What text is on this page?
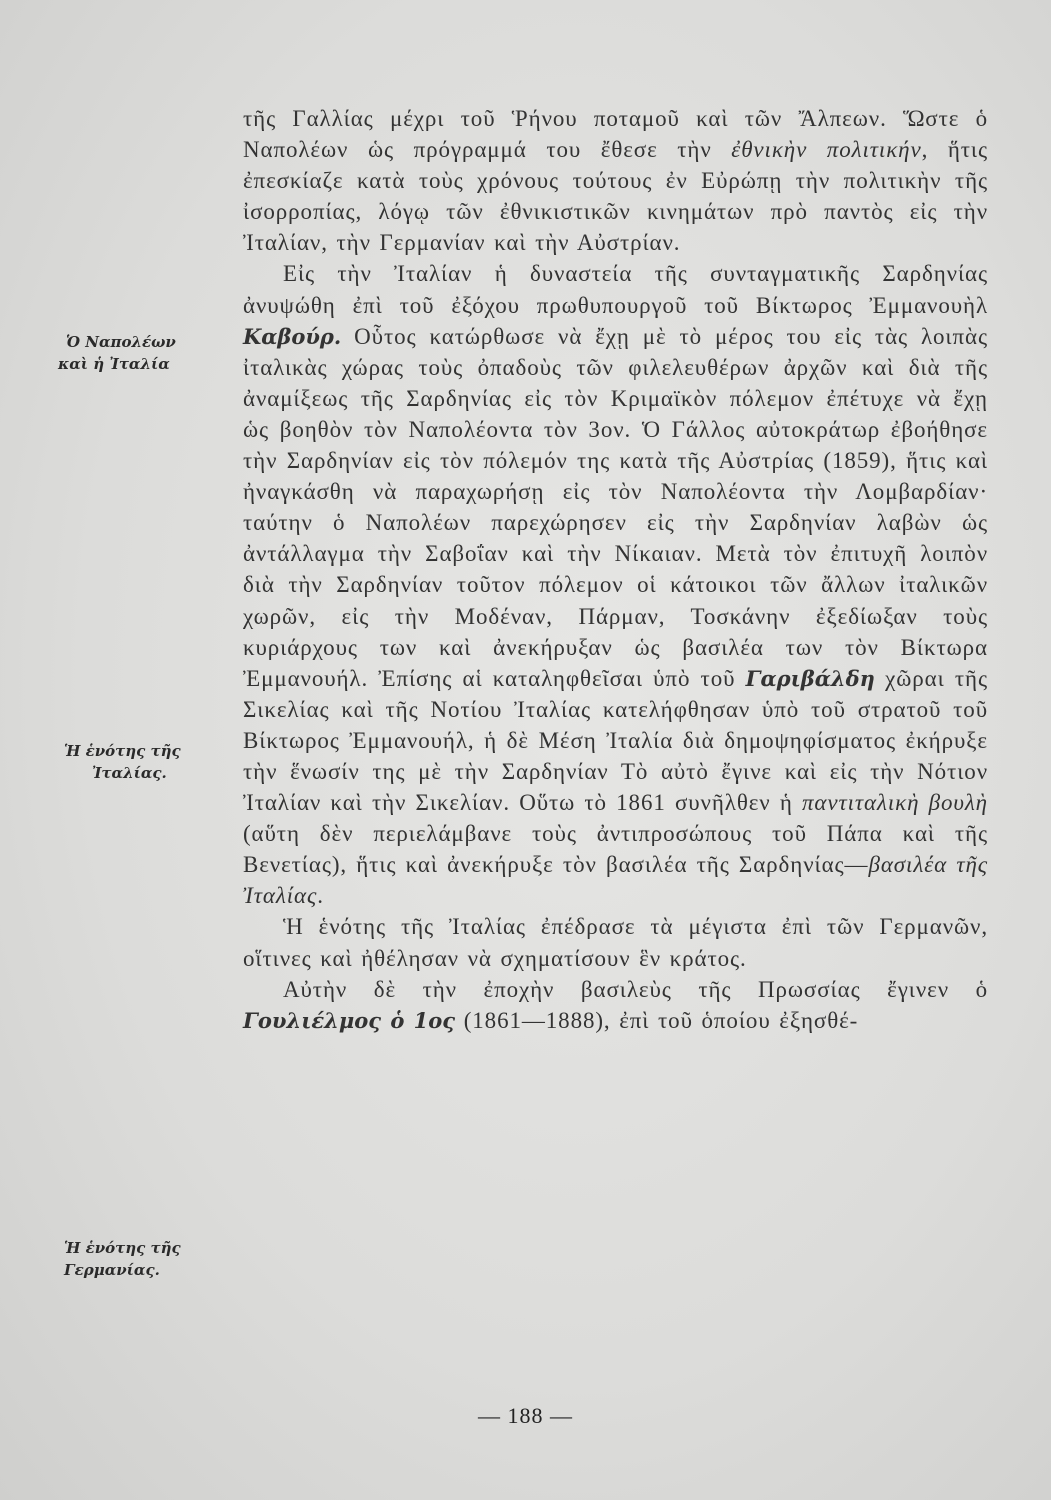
Ὁ Ναπολέων
καὶ ἡ Ἰταλία
Ἡ ἑνότης τῆς
Ἰταλίας.
Ἡ ἑνότης τῆς
Γερμανίας.

τῆς Γαλλίας μέχρι τοῦ Ῥήνου ποταμοῦ καὶ τῶν Ἄλπεων. Ὥστε ὁ Ναπολέων ὡς πρόγραμμά του ἔθεσε τὴν ἐθνικὴν πολιτικήν, ἥτις ἐπεσκίαζε κατὰ τοὺς χρόνους τούτους ἐν Εὐρώπῃ τὴν πολιτικὴν τῆς ἰσορροπίας, λόγῳ τῶν ἐθνικιστικῶν κινημάτων πρὸ παντὸς εἰς τὴν Ἰταλίαν, τὴν Γερμανίαν καὶ τὴν Αὐστρίαν.

Εἰς τὴν Ἰταλίαν ἡ δυναστεία τῆς συνταγματικῆς Σαρδηνίας ἀνυψώθη ἐπὶ τοῦ ἐξόχου πρωθυπουργοῦ τοῦ Βίκτωρος Ἐμμανουὴλ Καβούρ. Οὗτος κατώρθωσε νὰ ἔχῃ μὲ τὸ μέρος του εἰς τὰς λοιπὰς ἰταλικὰς χώρας τοὺς ὀπαδοὺς τῶν φιλελευθέρων ἀρχῶν καὶ διὰ τῆς ἀναμίξεως τῆς Σαρδηνίας εἰς τὸν Κριμαϊκὸν πόλεμον ἐπέτυχε νὰ ἔχῃ ὡς βοηθὸν τὸν Ναπολέοντα τὸν 3ον. Ὁ Γάλλος αὐτοκράτωρ ἐβοήθησε τὴν Σαρδηνίαν εἰς τὸν πόλεμόν της κατὰ τῆς Αὐστρίας (1859), ἥτις καὶ ἠναγκάσθη νὰ παραχωρήσῃ εἰς τὸν Ναπολέοντα τὴν Λομβαρδίαν· ταύτην ὁ Ναπολέων παρεχώρησεν εἰς τὴν Σαρδηνίαν λαβὼν ὡς ἀντάλλαγμα τὴν Σαβοΐαν καὶ τὴν Νίκαιαν. Μετὰ τὸν ἐπιτυχῆ λοιπὸν διὰ τὴν Σαρδηνίαν τοῦτον πόλεμον οἱ κάτοικοι τῶν ἄλλων ἰταλικῶν χωρῶν, εἰς τὴν Μοδέναν, Πάρμαν, Τοσκάνην ἐξεδίωξαν τοὺς κυριάρχους των καὶ ἀνεκήρυξαν ὡς βασιλέα των τὸν Βίκτωρα Ἐμμανουήλ. Ἐπίσης αἱ καταληφθεῖσαι ὑπὸ τοῦ Γαριβάλδη χῶραι τῆς Σικελίας καὶ τῆς Νοτίου Ἰταλίας κατελήφθησαν ὑπὸ τοῦ στρατοῦ τοῦ Βίκτωρος Ἐμμανουήλ, ἡ δὲ Μέση Ἰταλία διὰ δημοψηφίσματος ἐκήρυξε τὴν ἕνωσίν της μὲ τὴν Σαρδηνίαν Τὸ αὐτὸ ἔγινε καὶ εἰς τὴν Νότιον Ἰταλίαν καὶ τὴν Σικελίαν. Οὕτω τὸ 1861 συνῆλθεν ἡ παντιταλικὴ βουλὴ (αὕτη δὲν περιελάμβανε τοὺς ἀντιπροσώπους τοῦ Πάπα καὶ τῆς Βενετίας), ἥτις καὶ ἀνεκήρυξε τὸν βασιλέα τῆς Σαρδηνίας—βασιλέα τῆς Ἰταλίας.

Ἡ ἑνότης τῆς Ἰταλίας ἐπέδρασε τὰ μέγιστα ἐπὶ τῶν Γερμανῶν, οἵτινες καὶ ἠθέλησαν νὰ σχηματίσουν ἓν κράτος.

Αὐτὴν δὲ τὴν ἐποχὴν βασιλεὺς τῆς Πρωσσίας ἔγινεν ὁ Γουλιέλμος ὁ 1ος (1861—1888), ἐπὶ τοῦ ὁποίου ἐξησθέ-

— 188 —
